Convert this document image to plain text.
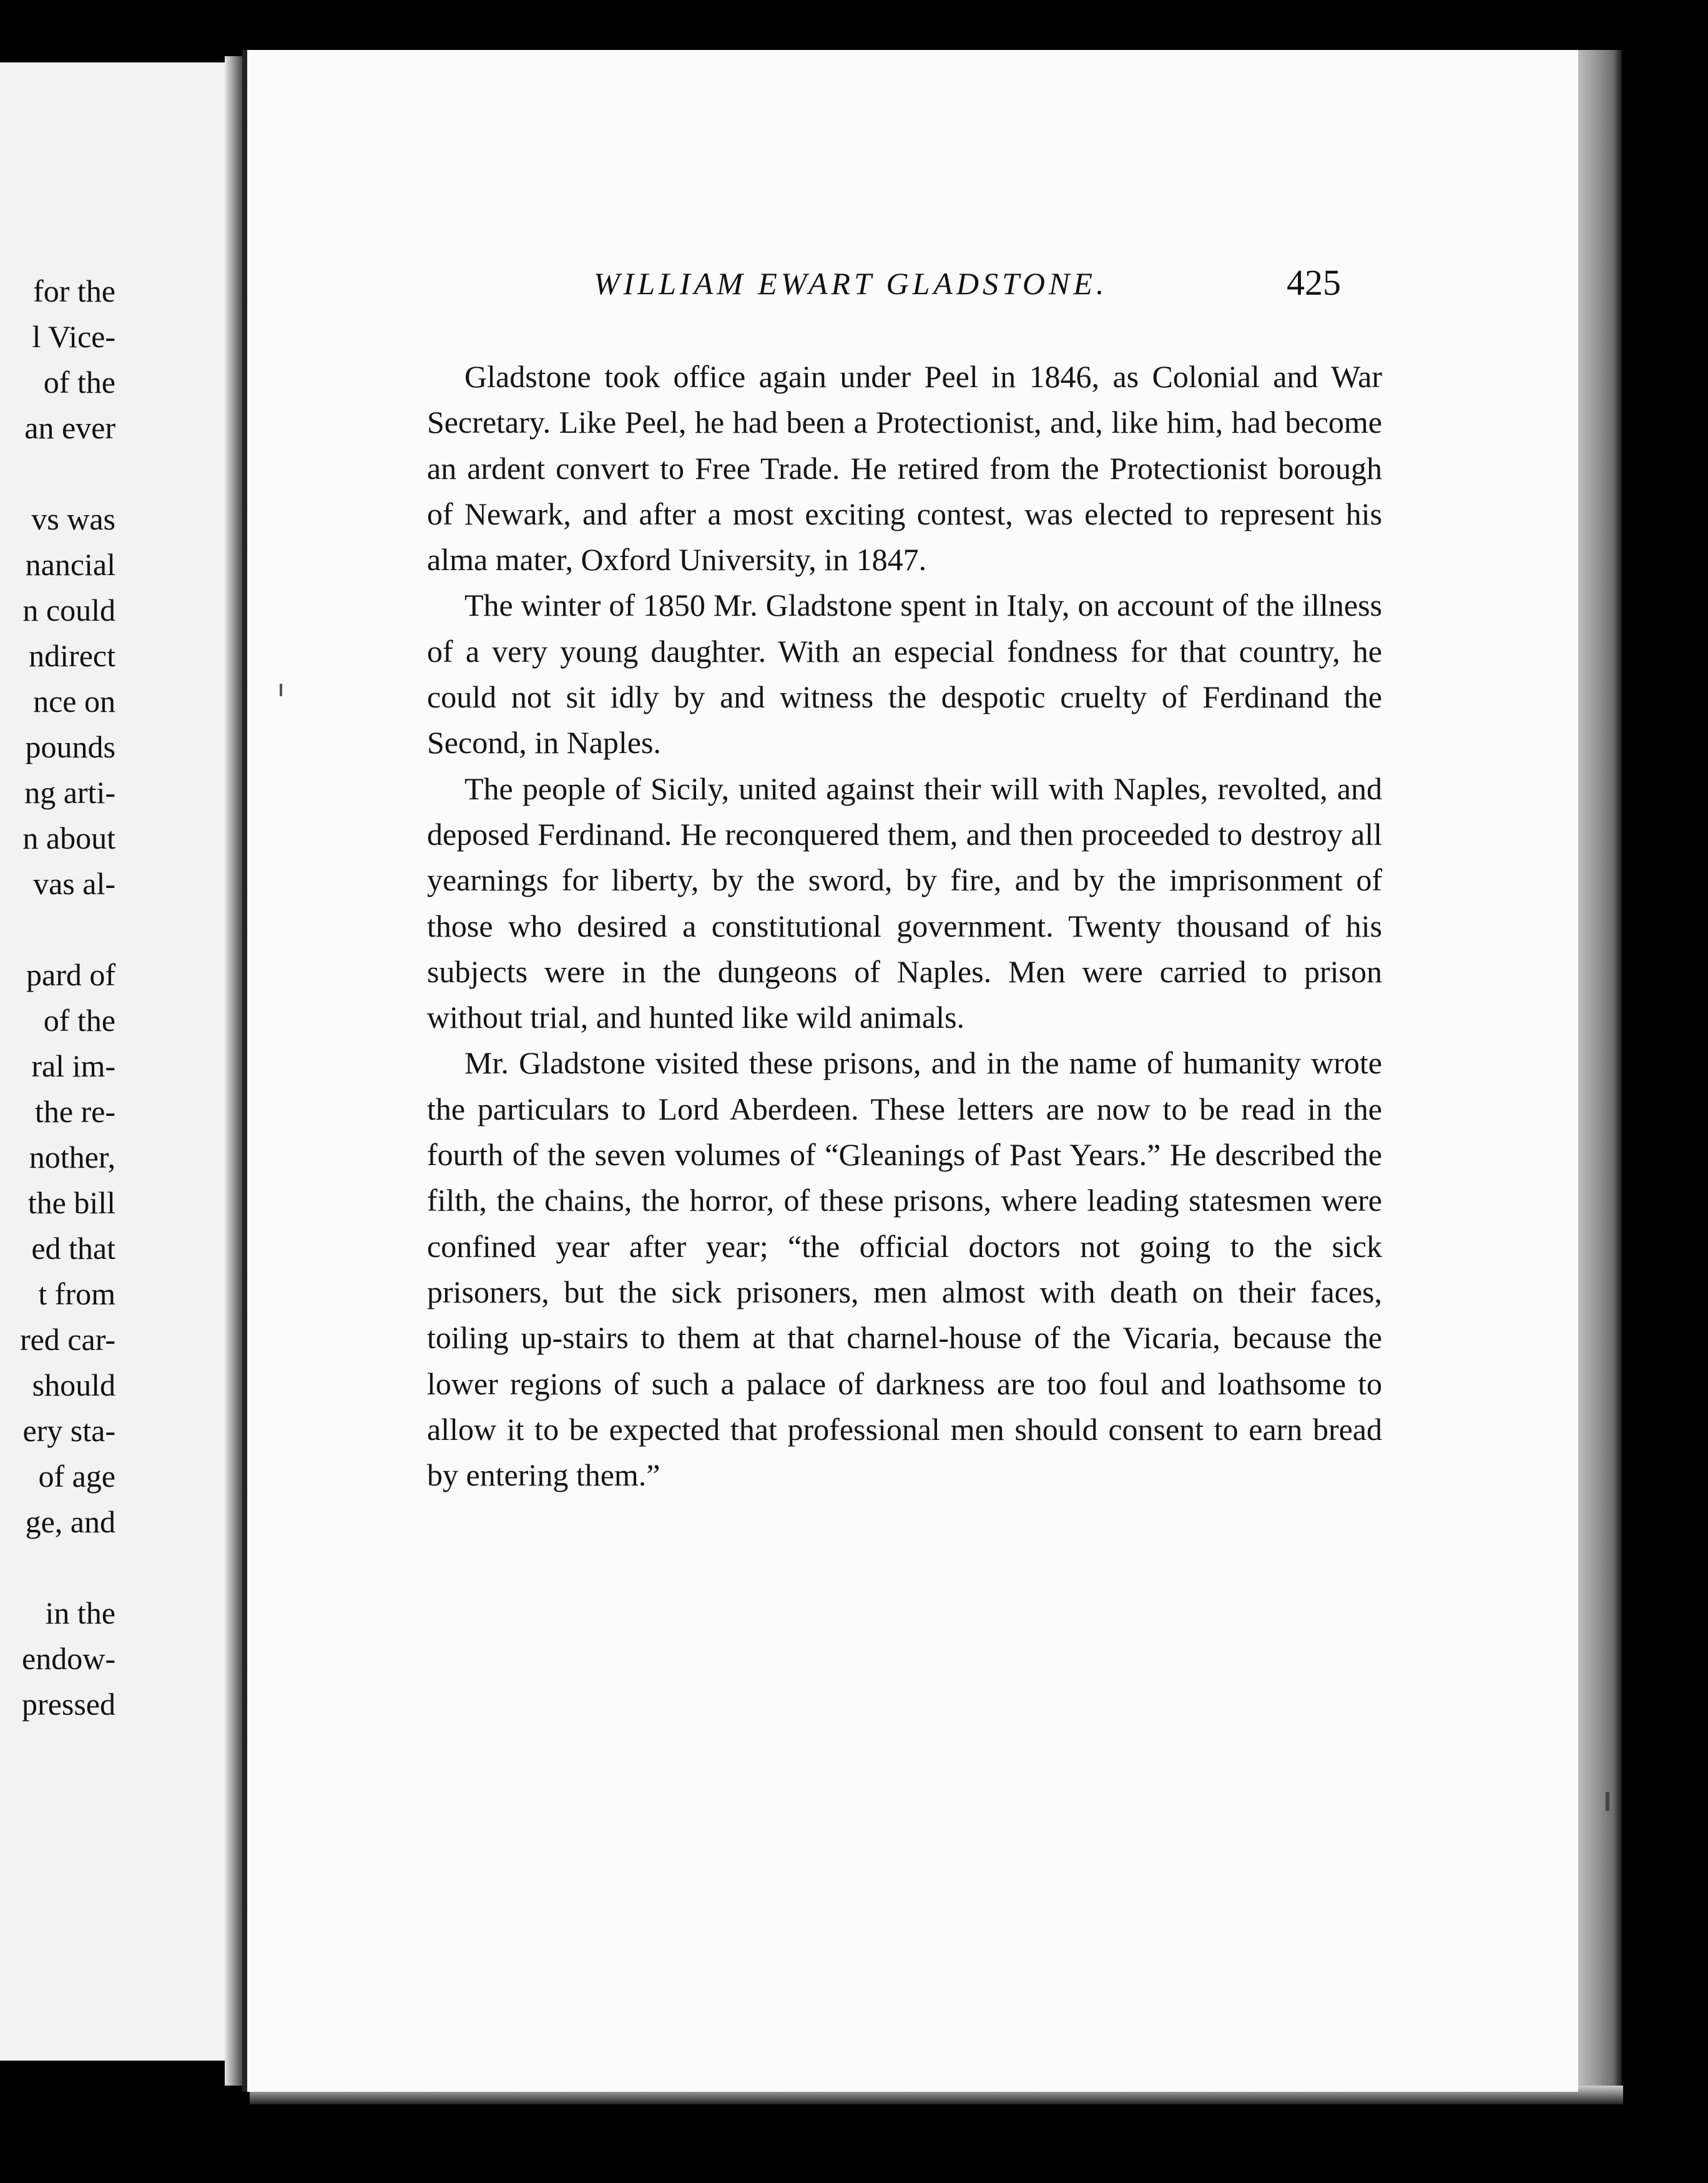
for the
l Vice-
of the
an ever
vs was
nancial
n could
ndirect
nce on
pounds
ng arti-
n about
vas al-
pard of
of the
ral im-
the re-
nother,
the bill
ed that
t from
red car-
should
ery sta-
of age
ge, and
in the
endow-
pressed
WILLIAM EWART GLADSTONE.	425

Gladstone took office again under Peel in 1846, as Colonial and War Secretary. Like Peel, he had been a Protectionist, and, like him, had become an ardent convert to Free Trade. He retired from the Protectionist borough of Newark, and after a most exciting contest, was elected to represent his alma mater, Oxford University, in 1847.

The winter of 1850 Mr. Gladstone spent in Italy, on account of the illness of a very young daughter. With an especial fondness for that country, he could not sit idly by and witness the despotic cruelty of Ferdinand the Second, in Naples.

The people of Sicily, united against their will with Naples, revolted, and deposed Ferdinand. He reconquered them, and then proceeded to destroy all yearnings for liberty, by the sword, by fire, and by the imprisonment of those who desired a constitutional government. Twenty thousand of his subjects were in the dungeons of Naples. Men were carried to prison without trial, and hunted like wild animals.

Mr. Gladstone visited these prisons, and in the name of humanity wrote the particulars to Lord Aberdeen. These letters are now to be read in the fourth of the seven volumes of “Gleanings of Past Years.” He described the filth, the chains, the horror, of these prisons, where leading statesmen were confined year after year; “the official doctors not going to the sick prisoners, but the sick prisoners, men almost with death on their faces, toiling up-stairs to them at that charnel-house of the Vicaria, because the lower regions of such a palace of darkness are too foul and loathsome to allow it to be expected that professional men should consent to earn bread by entering them.”
